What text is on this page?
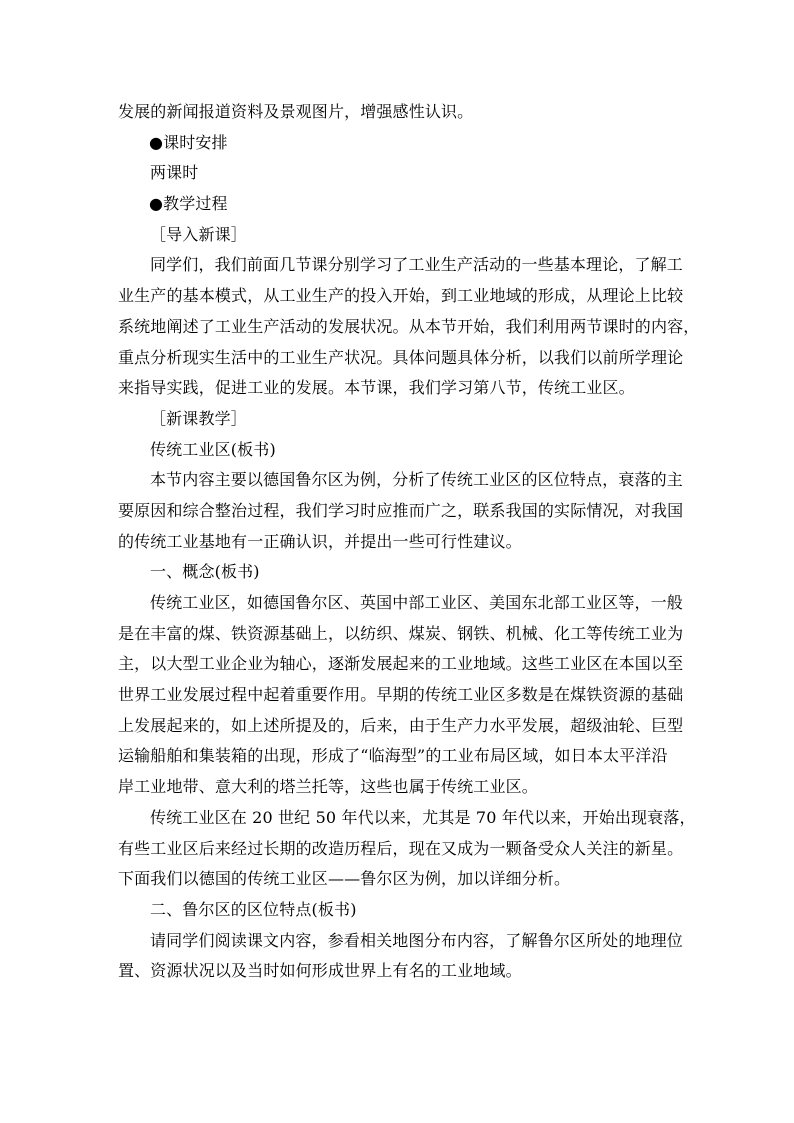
发展的新闻报道资料及景观图片，增强感性认识。
●课时安排
两课时
●教学过程
［导入新课］
同学们，我们前面几节课分别学习了工业生产活动的一些基本理论，了解工
业生产的基本模式，从工业生产的投入开始，到工业地域的形成，从理论上比较
系统地阐述了工业生产活动的发展状况。从本节开始，我们利用两节课时的内容，
重点分析现实生活中的工业生产状况。具体问题具体分析，以我们以前所学理论
来指导实践，促进工业的发展。本节课，我们学习第八节，传统工业区。
［新课教学］
传统工业区(板书)
本节内容主要以德国鲁尔区为例，分析了传统工业区的区位特点，衰落的主
要原因和综合整治过程，我们学习时应推而广之，联系我国的实际情况，对我国
的传统工业基地有一正确认识，并提出一些可行性建议。
一、概念(板书)
传统工业区，如德国鲁尔区、英国中部工业区、美国东北部工业区等，一般
是在丰富的煤、铁资源基础上，以纺织、煤炭、钢铁、机械、化工等传统工业为
主，以大型工业企业为轴心，逐渐发展起来的工业地域。这些工业区在本国以至
世界工业发展过程中起着重要作用。早期的传统工业区多数是在煤铁资源的基础
上发展起来的，如上述所提及的，后来，由于生产力水平发展，超级油轮、巨型
运输船舶和集装箱的出现，形成了“临海型”的工业布局区域，如日本太平洋沿
岸工业地带、意大利的塔兰托等，这些也属于传统工业区。
传统工业区在 20 世纪 50 年代以来，尤其是 70 年代以来，开始出现衰落，
有些工业区后来经过长期的改造历程后，现在又成为一颗备受众人关注的新星。
下面我们以德国的传统工业区——鲁尔区为例，加以详细分析。
二、鲁尔区的区位特点(板书)
请同学们阅读课文内容，参看相关地图分布内容，了解鲁尔区所处的地理位
置、资源状况以及当时如何形成世界上有名的工业地域。
